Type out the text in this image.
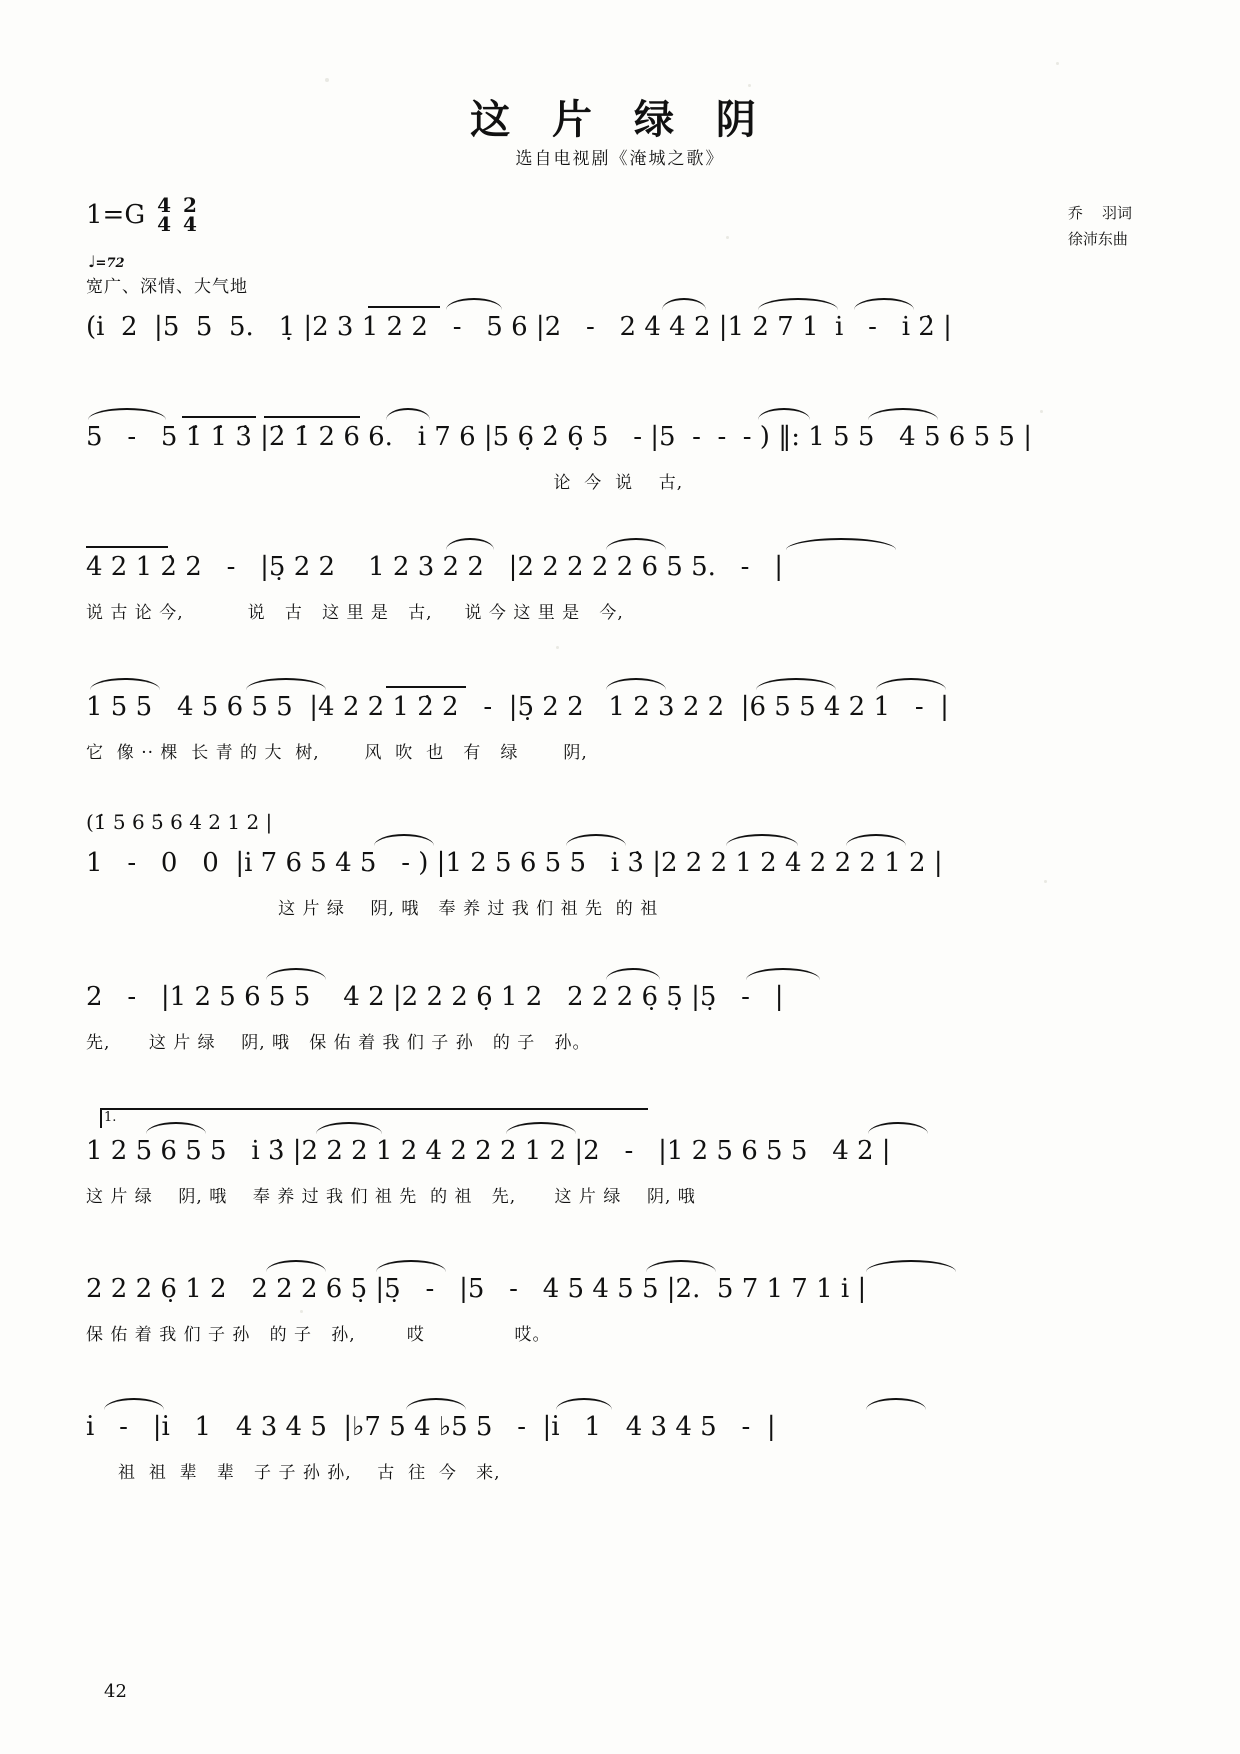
这 片 绿 阴
选自电视剧《淹城之歌》
乔    羽词
徐沛东曲
1=G 4
4
2
4
♩=72
宽广、深情、大气地
(i  2  |5  5  5.   1̣ |2 3 1 2 2   -   5 6 |2   -   2 4 4 2 |1 2 7 1  i   -   i 2̇ |
5   -   5 1̇ 1̇ 3̇ |2̇ 1̇ 2 6 6.   i 7 6 |5 6̣ 2̇ 6̣ 5   - |5  -  -  - ) ‖: 1 5 5   4 5 6 5 5 |
论  今  说    古,
4 2 1 2̇ 2   -   |5̣ 2 2    1 2 3 2 2   |2 2 2 2 2 6 5 5.   -   |
说 古 论 今,          说   古   这 里 是   古,     说 今 这 里 是   今,
1 5 5   4 5 6 5 5  |4 2 2 1 2̇ 2   -  |5̣ 2 2   1 2 3 2 2  |6 5 5 4 2 1   -  |
它  像 ·· 棵  长 青 的 大  树,       风  吹  也   有   绿       阴,
(1̇ 5 6 5̇ 6 4 2 1 2 |
1   -   0   0  |i 7 6 5 4 5   - ) |1 2 5 6 5 5   i 3̇ |2 2 2 1 2 4 2 2 2 1 2 |
这 片 绿    阴, 哦   奉 养 过 我 们 祖 先  的 祖
2   -   |1 2 5 6 5 5    4 2 |2 2 2 6̣ 1 2   2 2 2 6̣ 5̣ |5̣   -   |
先,      这 片 绿    阴, 哦   保 佑 着 我 们 子 孙   的 子   孙。
1.
1 2 5 6 5 5   i 3̇ |2 2 2 1 2 4 2 2 2 1 2 |2   -   |1 2 5 6 5 5   4 2 |
这 片 绿    阴, 哦    奉 养 过 我 们 祖 先  的 祖   先,      这 片 绿    阴, 哦
2 2 2 6̣ 1 2   2 2 2 6 5̣ |5̣   -   |5   -   4 5 4 5 5 |2.  5 7 1 7 1 i |
保 佑 着 我 们 子 孙   的 子   孙,        哎              哎。
i̇   -   |i̇   1   4 3 4 5  |♭7 5 4 ♭5 5   -  |i̇   1   4 3 4 5   -  |
祖  祖  辈   辈   子 子 孙 孙,    古  往  今   来,
42
